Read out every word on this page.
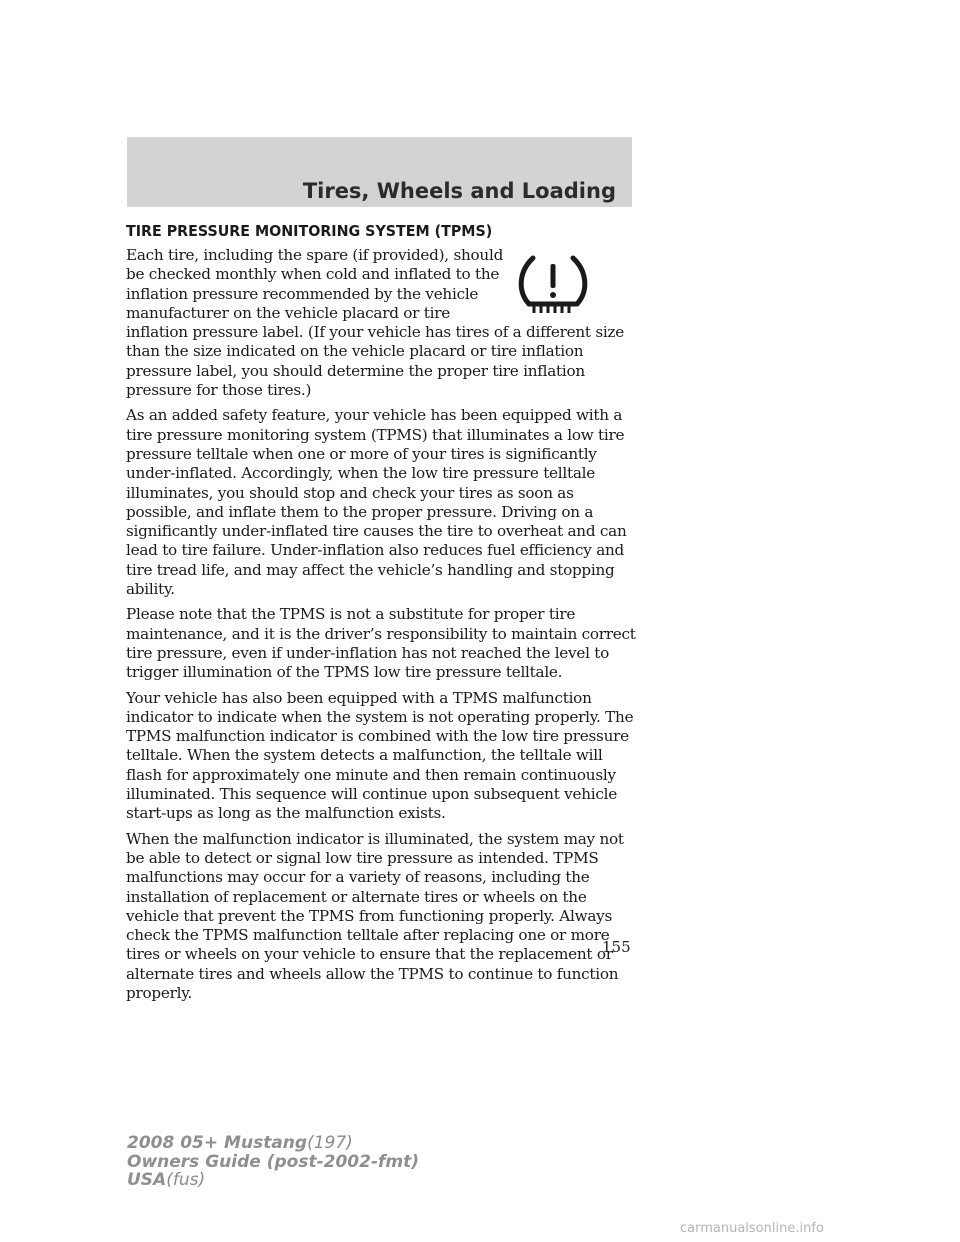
Tires, Wheels and Loading
TIRE PRESSURE MONITORING SYSTEM (TPMS)

Each tire, including the spare (if provided), should be checked monthly when cold and inflated to the inflation pressure recommended by the vehicle manufacturer on the vehicle placard or tire inflation pressure label. (If your vehicle has tires of a different size than the size indicated on the vehicle placard or tire inflation pressure label, you should determine the proper tire inflation pressure for those tires.)

As an added safety feature, your vehicle has been equipped with a tire pressure monitoring system (TPMS) that illuminates a low tire pressure telltale when one or more of your tires is significantly under-inflated. Accordingly, when the low tire pressure telltale illuminates, you should stop and check your tires as soon as possible, and inflate them to the proper pressure. Driving on a significantly under-inflated tire causes the tire to overheat and can lead to tire failure. Under-inflation also reduces fuel efficiency and tire tread life, and may affect the vehicle’s handling and stopping ability.

Please note that the TPMS is not a substitute for proper tire maintenance, and it is the driver’s responsibility to maintain correct tire pressure, even if under-inflation has not reached the level to trigger illumination of the TPMS low tire pressure telltale.

Your vehicle has also been equipped with a TPMS malfunction indicator to indicate when the system is not operating properly. The TPMS malfunction indicator is combined with the low tire pressure telltale. When the system detects a malfunction, the telltale will flash for approximately one minute and then remain continuously illuminated. This sequence will continue upon subsequent vehicle start-ups as long as the malfunction exists.

When the malfunction indicator is illuminated, the system may not be able to detect or signal low tire pressure as intended. TPMS malfunctions may occur for a variety of reasons, including the installation of replacement or alternate tires or wheels on the vehicle that prevent the TPMS from functioning properly. Always check the TPMS malfunction telltale after replacing one or more tires or wheels on your vehicle to ensure that the replacement or alternate tires and wheels allow the TPMS to continue to function properly.

155
2008 05+ Mustang(197)
Owners Guide (post-2002-fmt)
USA(fus)
carmanualsonline.info
